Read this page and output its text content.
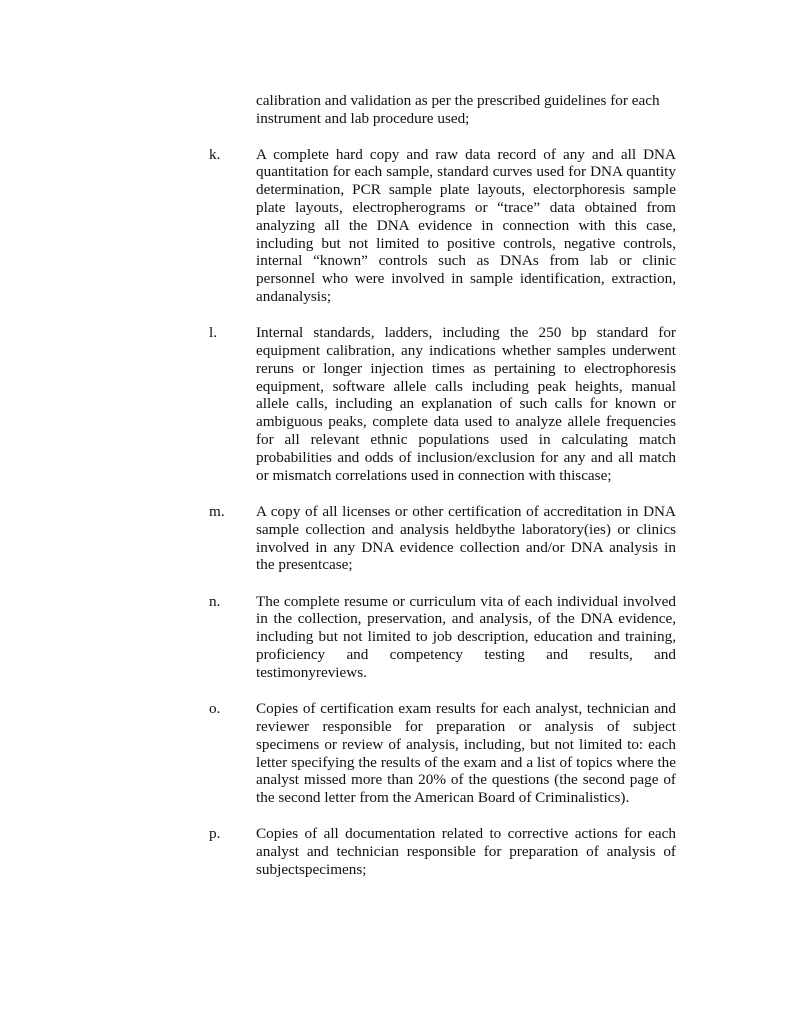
calibration and validation as per the prescribed guidelines for each instrument and lab procedure used;
k.	A complete hard copy and raw data record of any and all DNA quantitation for each sample, standard curves used for DNA quantity determination, PCR sample plate layouts, electorphoresis sample plate layouts, electropherograms or “trace” data obtained from analyzing all the DNA evidence in connection with this case, including but not limited to positive controls, negative controls, internal “known” controls such as DNAs from lab or clinic personnel who were involved in sample identification, extraction, andanalysis;
l.	Internal standards, ladders, including the 250 bp standard for equipment calibration, any indications whether samples underwent reruns or longer injection times as pertaining to electrophoresis equipment, software allele calls including peak heights, manual allele calls, including an explanation of such calls for known or ambiguous peaks, complete data used to analyze allele frequencies for all relevant ethnic populations used in calculating match probabilities and odds of inclusion/exclusion for any and all match or mismatch correlations used in connection with thiscase;
m.	A copy of all licenses or other certification of accreditation in DNA sample collection and analysis heldbythe laboratory(ies) or clinics involved in any DNA evidence collection and/or DNA analysis in the presentcase;
n.	The complete resume or curriculum vita of each individual involved in the collection, preservation, and analysis, of the DNA evidence, including but not limited to job description, education and training, proficiency and competency testing and results, and testimonyreviews.
o.	Copies of certification exam results for each analyst, technician and reviewer responsible for preparation or analysis of subject specimens or review of analysis, including, but not limited to: each letter specifying the results of the exam and a list of topics where the analyst missed more than 20% of the questions (the second page of the second letter from the American Board of Criminalistics).
p.	Copies of all documentation related to corrective actions for each analyst and technician responsible for preparation of analysis of subjectspecimens;
